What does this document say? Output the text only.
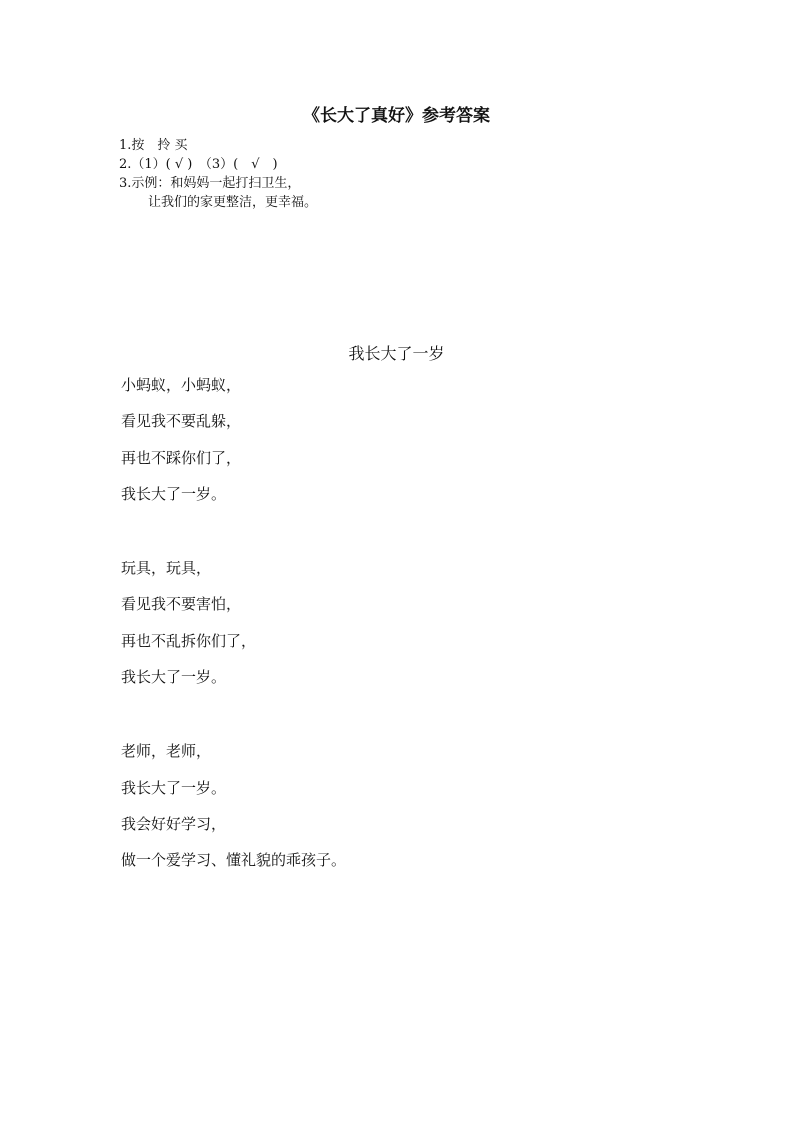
《长大了真好》参考答案
1.按　拎 买
2.（1）( √ )　（3）(　√　)
3.示例：和妈妈一起打扫卫生，
让我们的家更整洁，更幸福。
我长大了一岁
小蚂蚁，小蚂蚁，
看见我不要乱躲，
再也不踩你们了，
我长大了一岁。
玩具，玩具，
看见我不要害怕，
再也不乱拆你们了，
我长大了一岁。
老师，老师，
我长大了一岁。
我会好好学习，
做一个爱学习、懂礼貌的乖孩子。
